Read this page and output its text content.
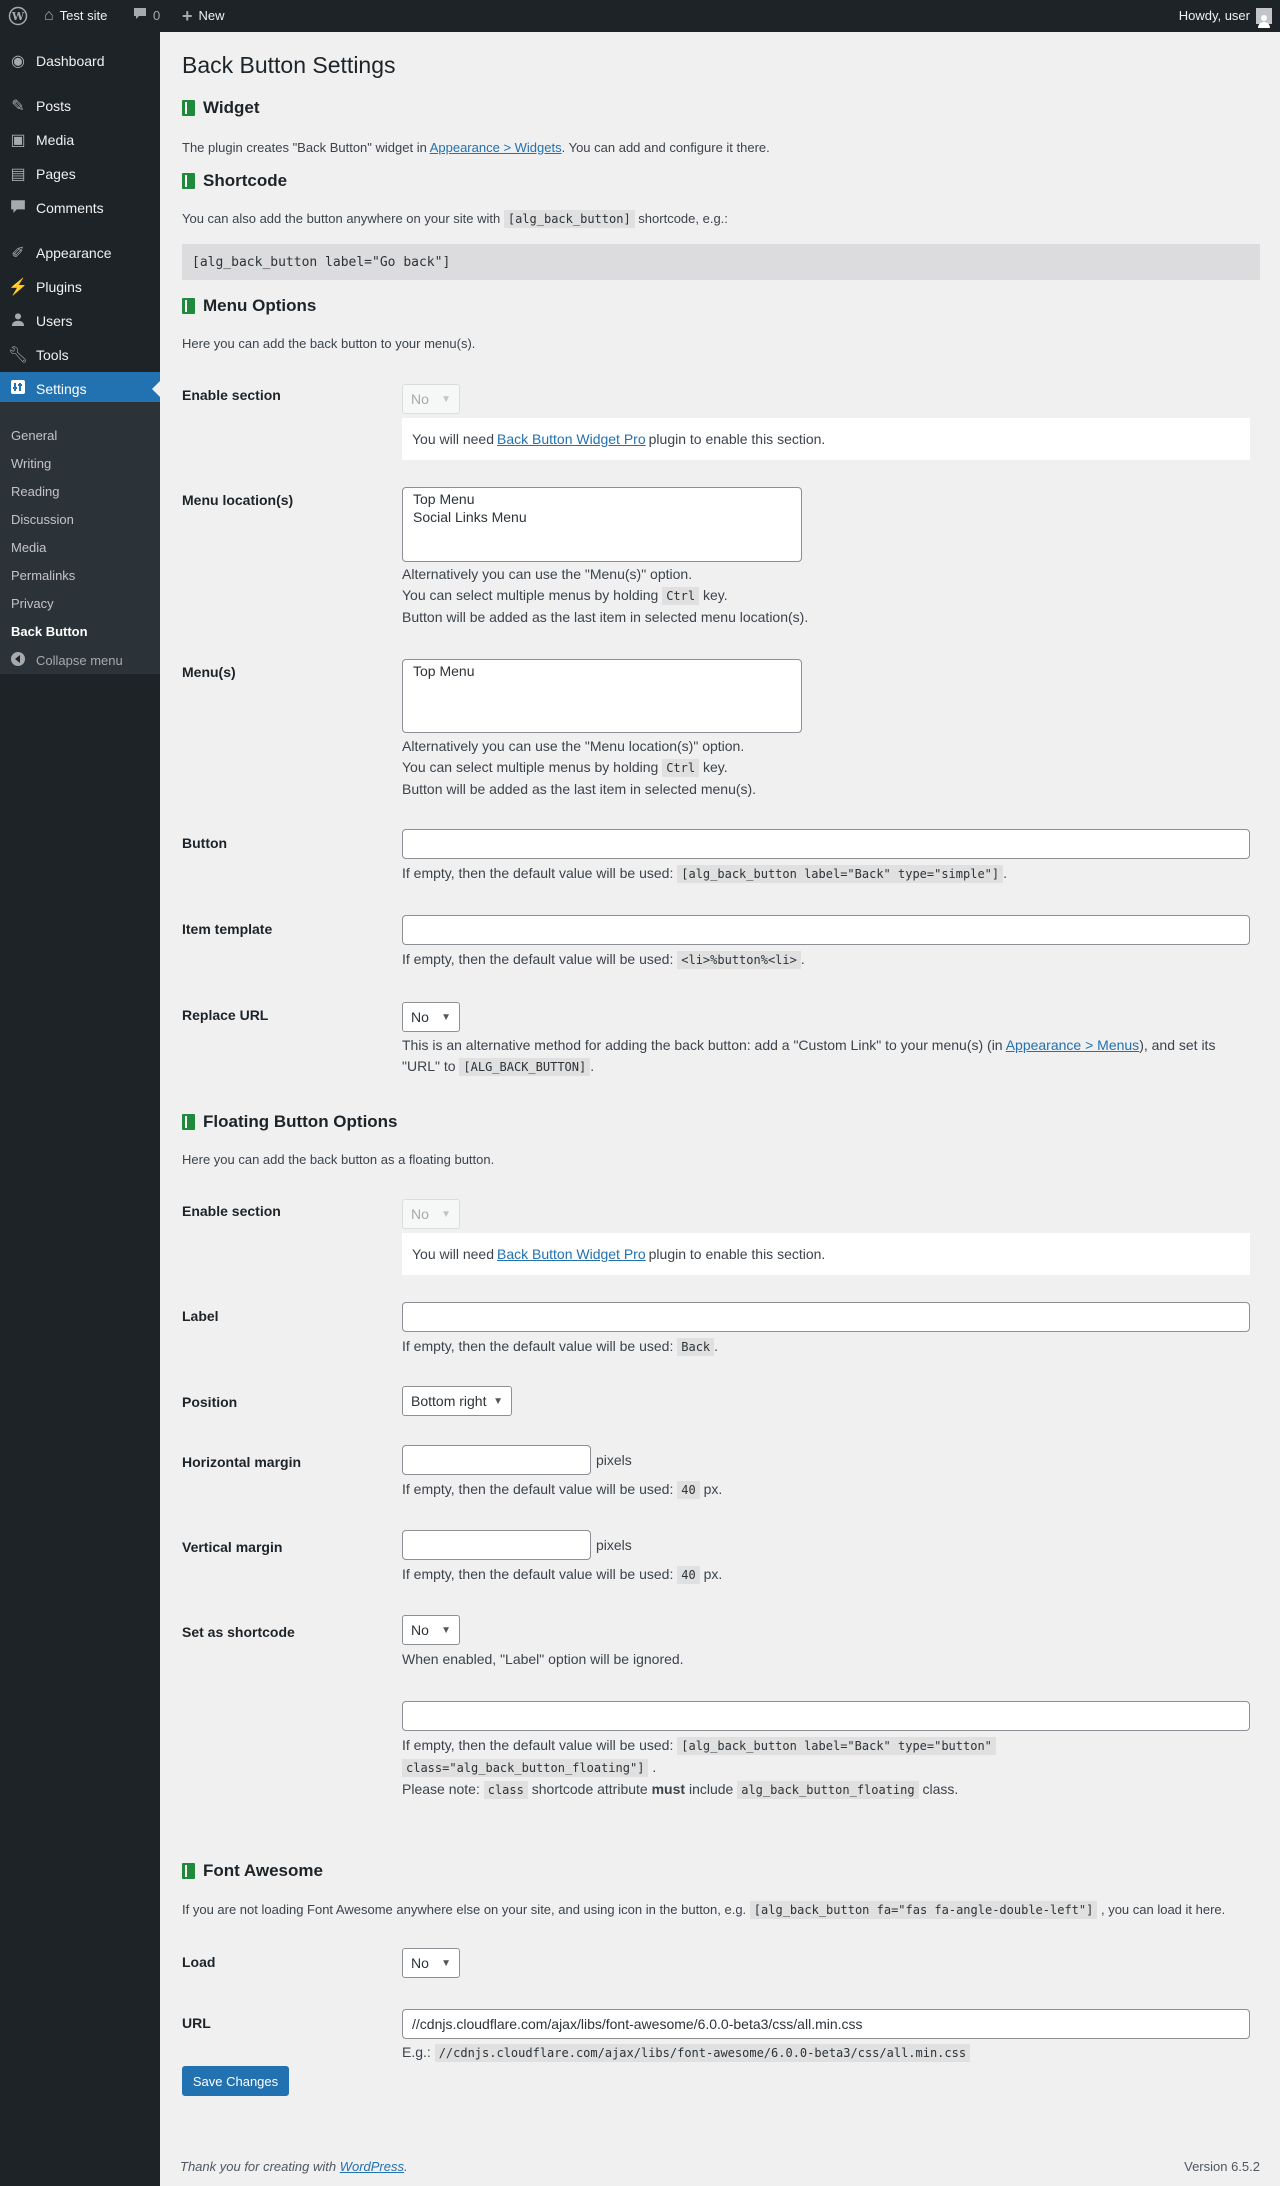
W ⌂ Test site	0 + New	Howdy, user
◉ Dashboard
✎ Posts
▣ Media
▤ Pages
Comments
✐ Appearance
⚡ Plugins
Users
🔧︎ Tools
Settings
General
Writing
Reading
Discussion
Media
Permalinks
Privacy
Back Button
Collapse menu
Back Button Settings
Widget
The plugin creates "Back Button" widget in Appearance > Widgets. You can add and configure it there.
Shortcode
You can also add the button anywhere on your site with [alg_back_button] shortcode, e.g.:
[alg_back_button label="Go back"]
Menu Options
Here you can add the back button to your menu(s).
Enable section	No ▼
You will need Back Button Widget Pro plugin to enable this section.
Menu location(s)	Top Menu
Social Links Menu
Alternatively you can use the "Menu(s)" option.
You can select multiple menus by holding Ctrl key.
Button will be added as the last item in selected menu location(s).
Menu(s)	Top Menu
Alternatively you can use the "Menu location(s)" option.
You can select multiple menus by holding Ctrl key.
Button will be added as the last item in selected menu(s).
Button
If empty, then the default value will be used: [alg_back_button label="Back" type="simple"] .
Item template
If empty, then the default value will be used: <li>%button%<li> .
Replace URL	No ▼
This is an alternative method for adding the back button: add a "Custom Link" to your menu(s) (in Appearance > Menus), and set its
"URL" to [ALG_BACK_BUTTON] .
Floating Button Options
Here you can add the back button as a floating button.
Enable section	No ▼
You will need Back Button Widget Pro plugin to enable this section.
Label
If empty, then the default value will be used: Back .
Position	Bottom right ▼
Horizontal margin	pixels
If empty, then the default value will be used: 40 px.
Vertical margin	pixels
If empty, then the default value will be used: 40 px.
Set as shortcode	No ▼
When enabled, "Label" option will be ignored.
If empty, then the default value will be used: [alg_back_button label="Back" type="button"
class="alg_back_button_floating"] .
Please note: class shortcode attribute must include alg_back_button_floating class.
Font Awesome
If you are not loading Font Awesome anywhere else on your site, and using icon in the button, e.g. [alg_back_button fa="fas fa-angle-double-left"] , you can load it here.
Load	No ▼
URL	//cdnjs.cloudflare.com/ajax/libs/font-awesome/6.0.0-beta3/css/all.min.css
E.g.: //cdnjs.cloudflare.com/ajax/libs/font-awesome/6.0.0-beta3/css/all.min.css
Save Changes
Thank you for creating with WordPress.	Version 6.5.2
